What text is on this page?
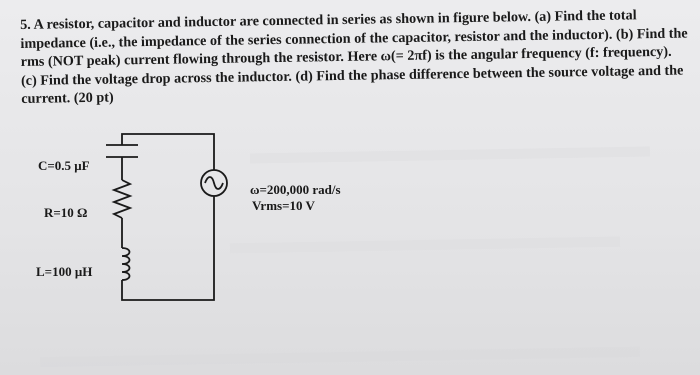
5. A resistor, capacitor and inductor are connected in series as shown in figure below. (a) Find the total impedance (i.e., the impedance of the series connection of the capacitor, resistor and the inductor). (b) Find the rms (NOT peak) current flowing through the resistor. Here ω(= 2πf) is the angular frequency (f: frequency). (c) Find the voltage drop across the inductor. (d) Find the phase difference between the source voltage and the current. (20 pt)

C=0.5 μF
R=10 Ω
L=100 μH
ω=200,000 rad/s
Vrms=10 V
